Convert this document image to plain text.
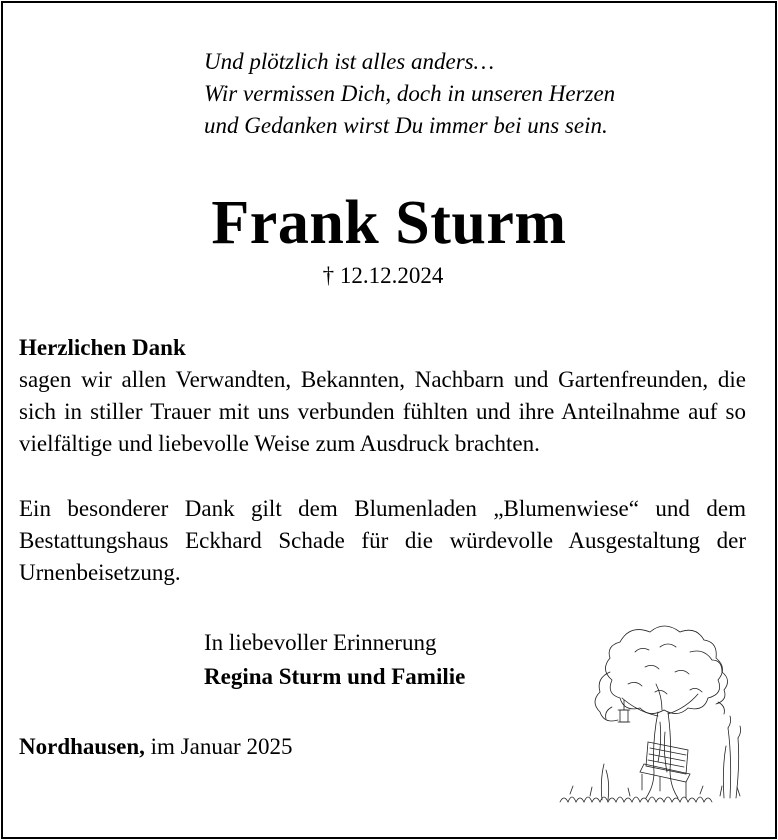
Und plötzlich ist alles anders…
Wir vermissen Dich, doch in unseren Herzen
und Gedanken wirst Du immer bei uns sein.
Frank Sturm
† 12.12.2024
Herzlichen Dank
sagen wir allen Verwandten, Bekannten, Nachbarn und Gartenfreunden, die sich in stiller Trauer mit uns verbunden fühlten und ihre Anteilnahme auf so vielfältige und liebevolle Weise zum Ausdruck brachten.
Ein besonderer Dank gilt dem Blumenladen „Blumenwiese“ und dem Bestattungshaus Eckhard Schade für die würdevolle Ausgestaltung der Urnenbeisetzung.
In liebevoller Erinnerung
Regina Sturm und Familie
Nordhausen, im Januar 2025
